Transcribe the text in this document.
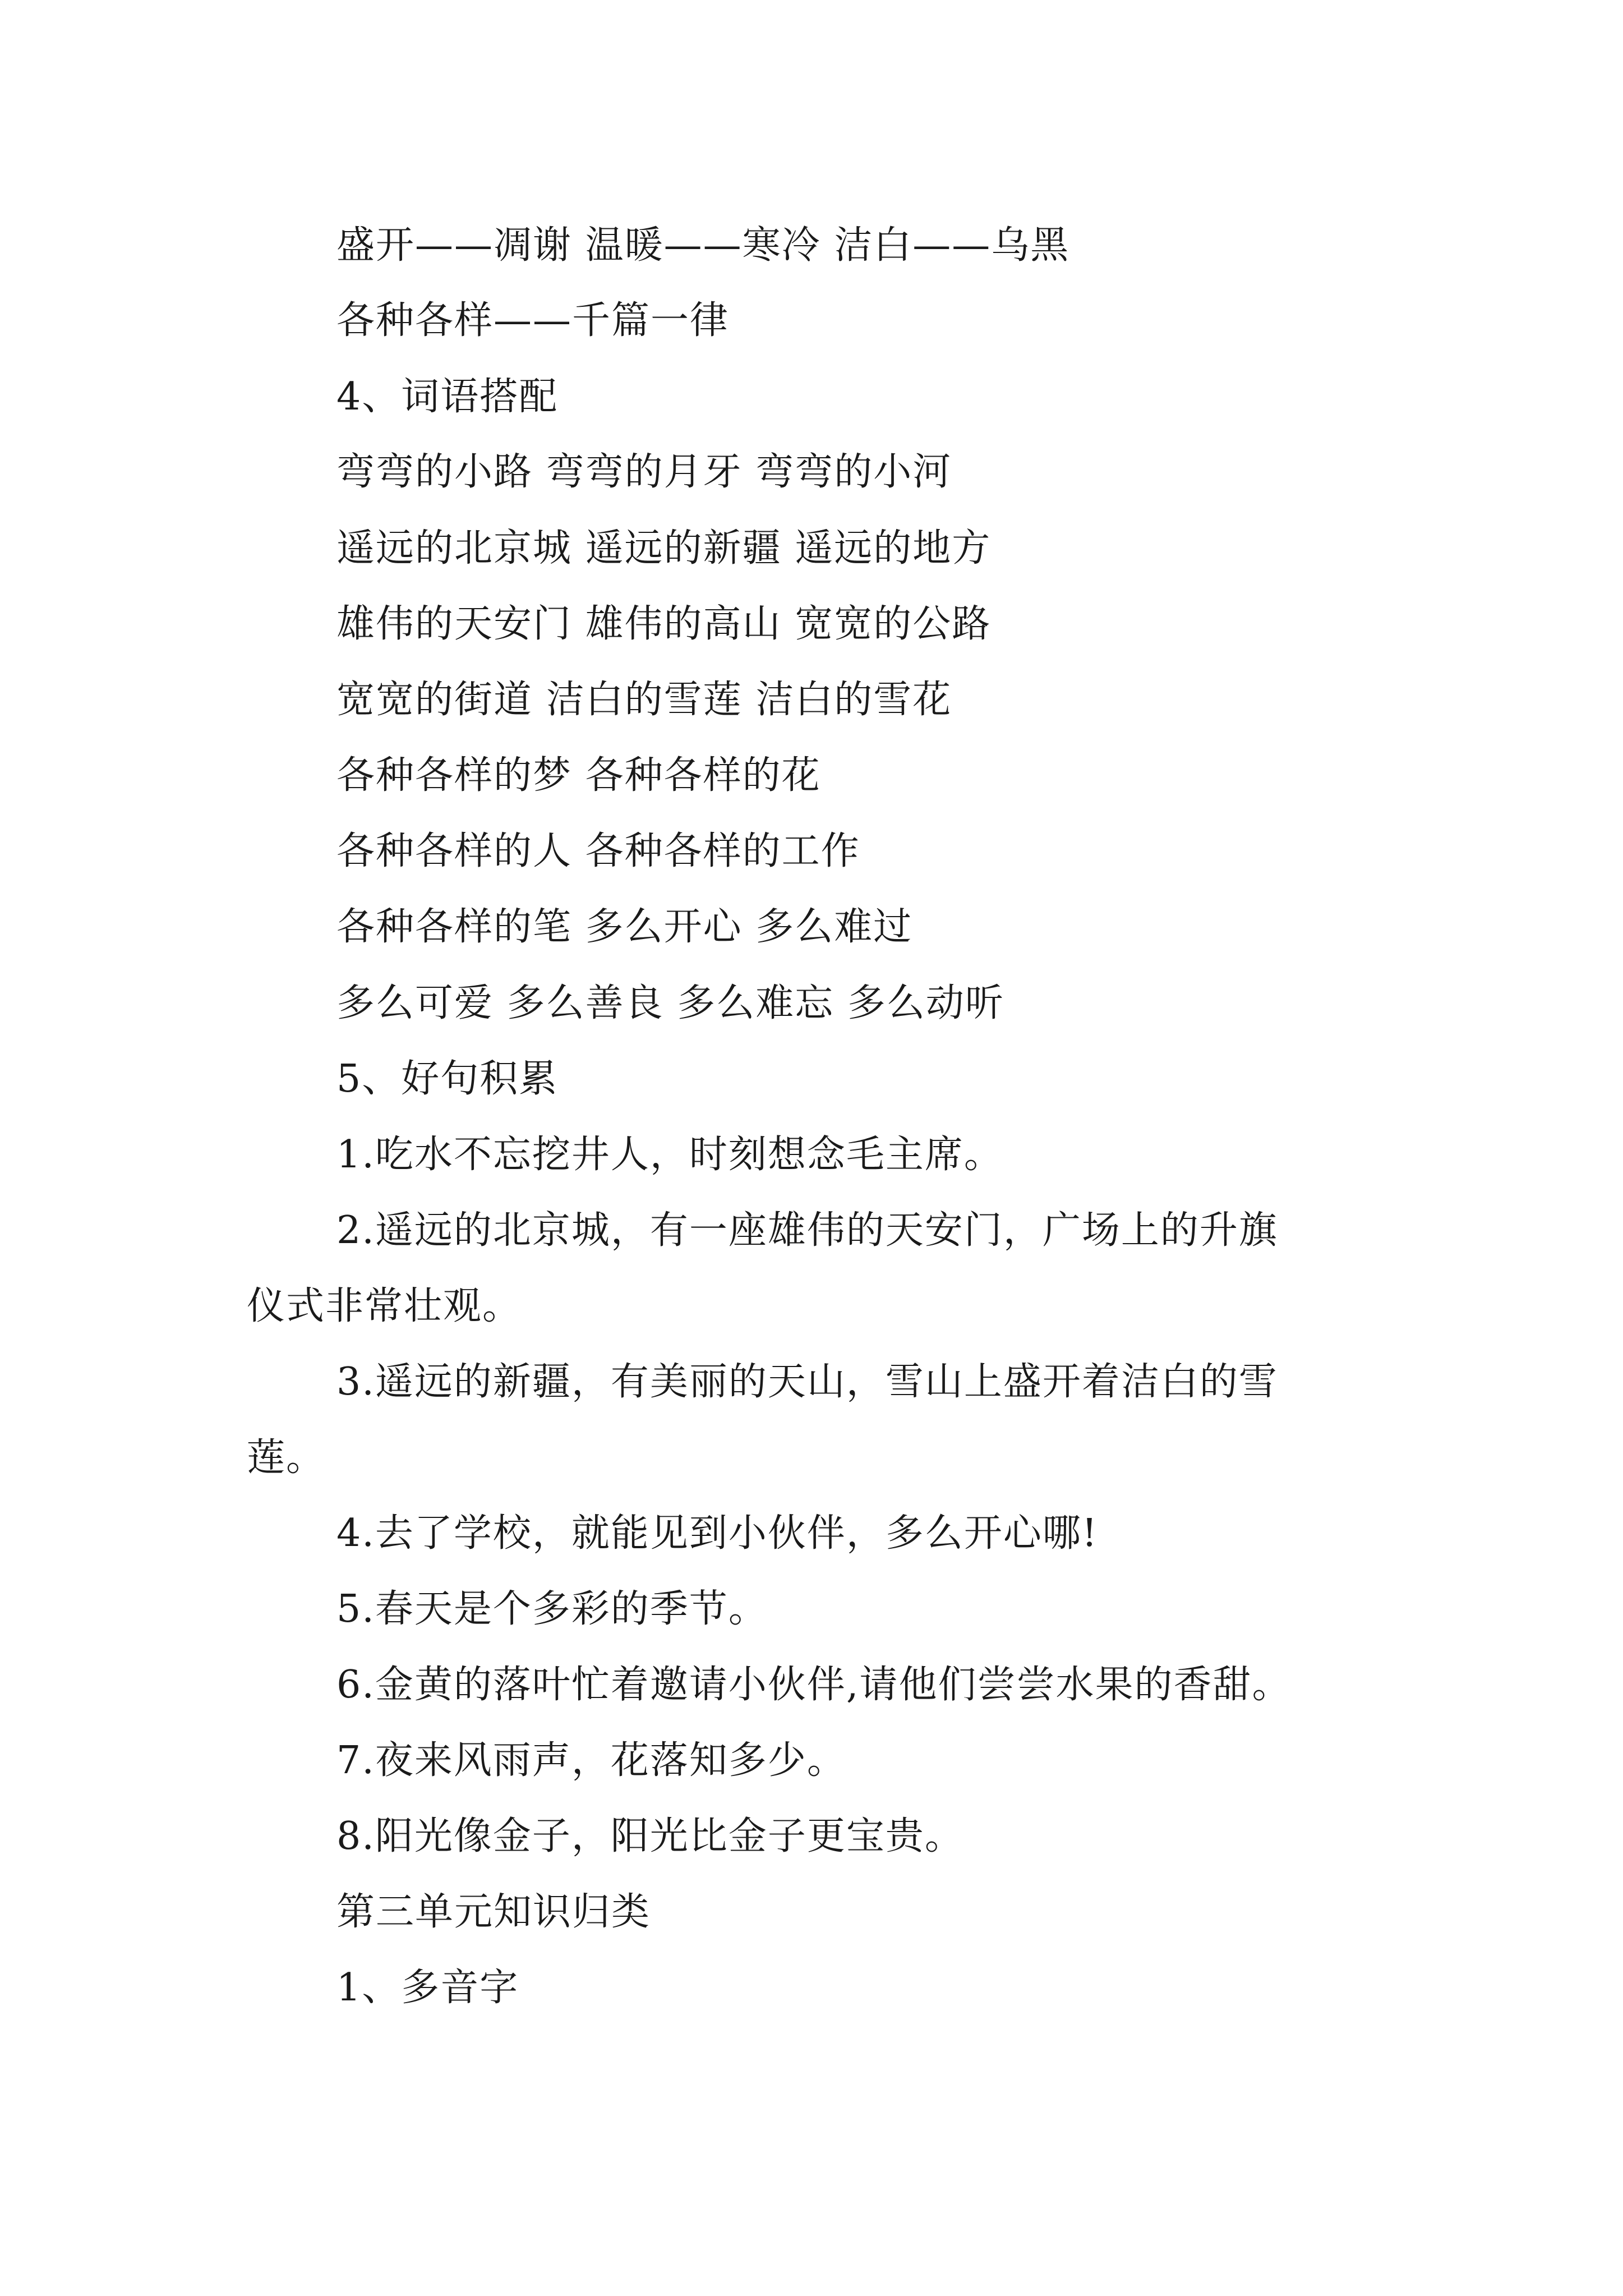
盛开——凋谢 温暖——寒冷 洁白——乌黑
各种各样——千篇一律
4、词语搭配
弯弯的小路 弯弯的月牙 弯弯的小河
遥远的北京城 遥远的新疆 遥远的地方
雄伟的天安门 雄伟的高山 宽宽的公路
宽宽的街道 洁白的雪莲 洁白的雪花
各种各样的梦 各种各样的花
各种各样的人 各种各样的工作
各种各样的笔 多么开心 多么难过
多么可爱 多么善良 多么难忘 多么动听
5、好句积累
1.吃水不忘挖井人，时刻想念毛主席。
2.遥远的北京城，有一座雄伟的天安门，广场上的升旗
仪式非常壮观。
3.遥远的新疆，有美丽的天山，雪山上盛开着洁白的雪
莲。
4.去了学校，就能见到小伙伴，多么开心哪!
5.春天是个多彩的季节。
6.金黄的落叶忙着邀请小伙伴,请他们尝尝水果的香甜。
7.夜来风雨声，花落知多少。
8.阳光像金子，阳光比金子更宝贵。
第三单元知识归类
1、多音字
